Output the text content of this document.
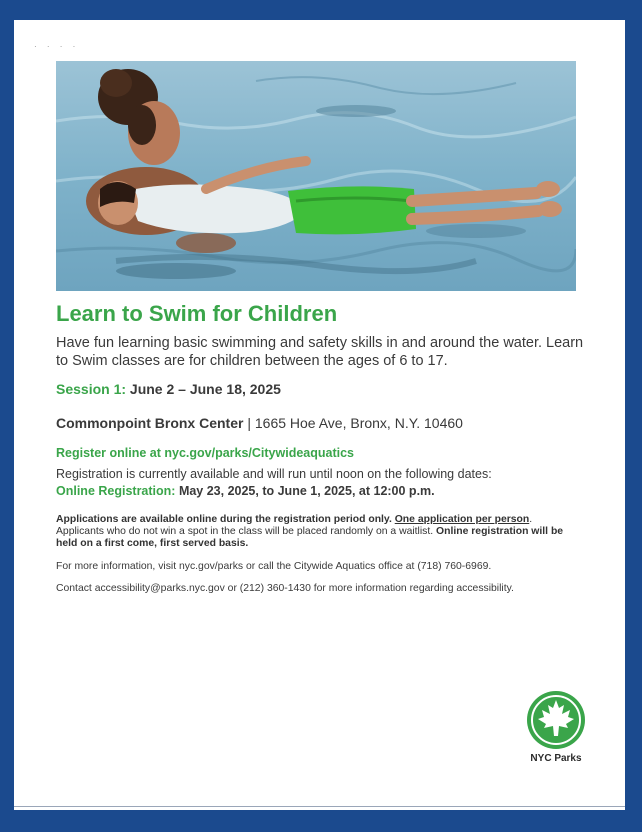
· · · ·
Learn to Swim for Children
Have fun learning basic swimming and safety skills in and around the water. Learn to Swim classes are for children between the ages of 6 to 17.
Session 1: June 2 – June 18, 2025
Commonpoint Bronx Center | 1665 Hoe Ave, Bronx, N.Y. 10460
Register online at nyc.gov/parks/Citywideaquatics
Registration is currently available and will run until noon on the following dates:
Online Registration: May 23, 2025, to June 1, 2025, at 12:00 p.m.
Applications are available online during the registration period only. One application per person. Applicants who do not win a spot in the class will be placed randomly on a waitlist. Online registration will be held on a first come, first served basis.
For more information, visit nyc.gov/parks or call the Citywide Aquatics office at (718) 760-6969.
Contact accessibility@parks.nyc.gov or (212) 360-1430 for more information regarding accessibility.
NYC Parks
